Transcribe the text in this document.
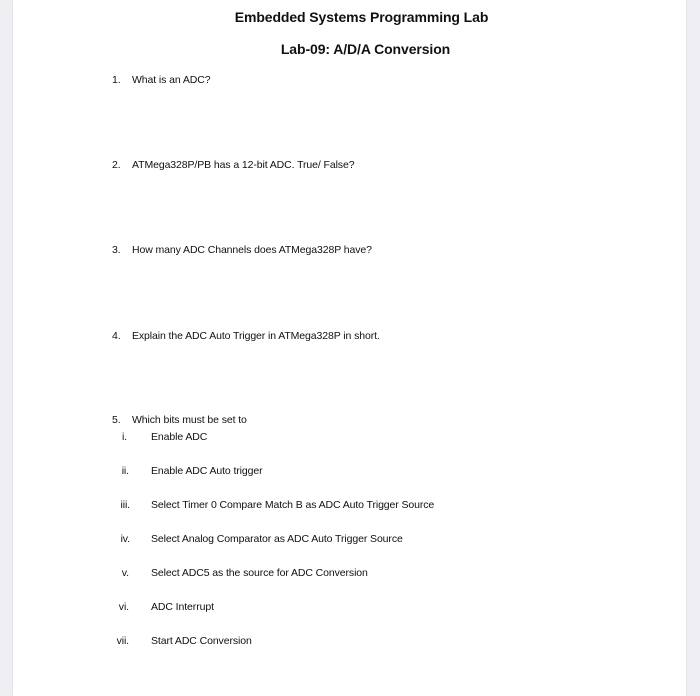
Embedded Systems Programming Lab
Lab-09: A/D/A Conversion
1. What is an ADC?
2. ATMega328P/PB has a 12-bit ADC. True/ False?
3. How many ADC Channels does ATMega328P have?
4. Explain the ADC Auto Trigger in ATMega328P in short.
5. Which bits must be set to
i. Enable ADC
ii. Enable ADC Auto trigger
iii. Select Timer 0 Compare Match B as ADC Auto Trigger Source
iv. Select Analog Comparator as ADC Auto Trigger Source
v. Select ADC5 as the source for ADC Conversion
vi. ADC Interrupt
vii. Start ADC Conversion
